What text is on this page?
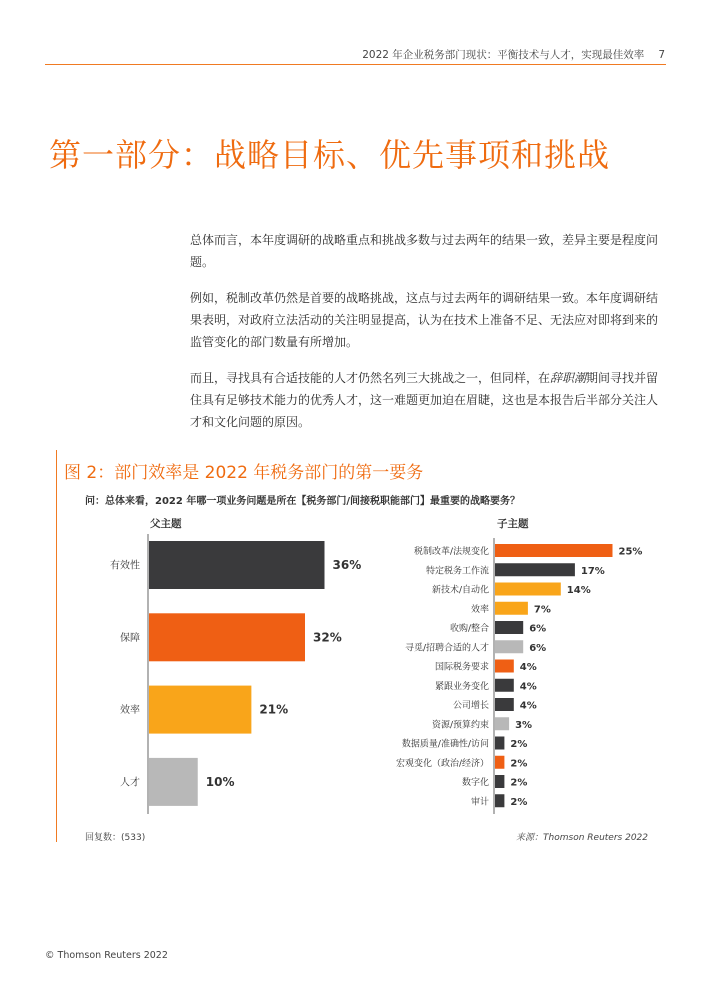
2022 年企业税务部门现状：平衡技术与人才，实现最佳效率 7
第一部分：战略目标、优先事项和挑战

总体而言，本年度调研的战略重点和挑战多数与过去两年的结果一致，差异主要是程度问题。

例如，税制改革仍然是首要的战略挑战，这点与过去两年的调研结果一致。本年度调研结果表明，对政府立法活动的关注明显提高，认为在技术上准备不足、无法应对即将到来的监管变化的部门数量有所增加。

而且，寻找具有合适技能的人才仍然名列三大挑战之一，但同样，在辞职潮期间寻找并留住具有足够技术能力的优秀人才，这一难题更加迫在眉睫，这也是本报告后半部分关注人才和文化问题的原因。

图 2：部门效率是 2022 年税务部门的第一要务
问：总体来看，2022 年哪一项业务问题是所在【税务部门/间接税职能部门】最重要的战略要务？
父主题	子主题
有效性	36%
保障	32%
效率	21%
人才	10%
税制改革/法规变化	25%
特定税务工作流	17%
新技术/自动化	14%
效率	7%
收购/整合	6%
寻觅/招聘合适的人才	6%
国际税务要求	4%
紧跟业务变化	4%
公司增长	4%
资源/预算约束	3%
数据质量/准确性/访问 2%
宏观变化（政治/经济） 2%
数字化 2%
审计 2%
回复数：(533)	来源：Thomson Reuters 2022
© Thomson Reuters 2022
